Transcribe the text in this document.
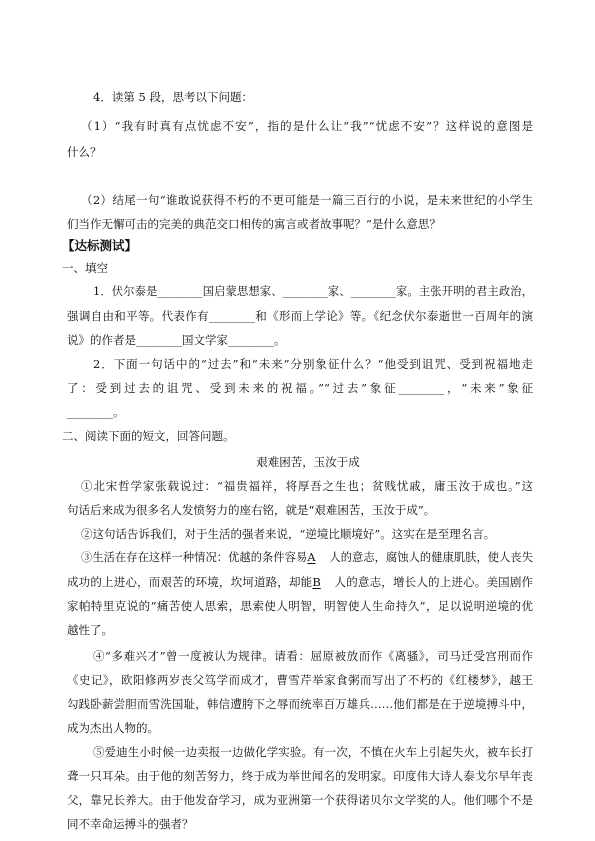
4．读第 5 段，思考以下问题：
（1）“我有时真有点忧虑不安”，指的是什么让“我”“忧虑不安”？这样说的意图是
什么？
（2）结尾一句“谁敢说获得不朽的不更可能是一篇三百行的小说，是未来世纪的小学生
们当作无懈可击的完美的典范交口相传的寓言或者故事呢？”是什么意思？
【达标测试】
一、填空
1．伏尔泰是________国启蒙思想家、________家、________家。主张开明的君主政治，
强调自由和平等。代表作有________和《形而上学论》等。《纪念伏尔泰逝世一百周年的演
说》的作者是________国文学家________。
2．下面一句话中的“过去”和“未来”分别象征什么？“他受到诅咒、受到祝福地走
了：受到过去的诅咒、受到未来的祝福。”“过去”象征________，“未来”象征
________。
二、阅读下面的短文，回答问题。
艰难困苦，玉汝于成
①北宋哲学家张载说过：“福贵福祥，将厚吾之生也；贫贱忧戚，庸玉汝于成也。”这
句话后来成为很多名人发愤努力的座右铭，就是“艰难困苦，玉汝于成”。
②这句话告诉我们，对于生活的强者来说，“逆境比顺境好”。这实在是至理名言。
③生活在存在这样一种情况：优越的条件容易A 人的意志，腐蚀人的健康肌肤，使人丧失
成功的上进心，而艰苦的环境，坎坷道路，却能B 人的意志，增长人的上进心。美国剧作
家帕特里克说的“痛苦使人思索，思索使人明智，明智使人生命持久”，足以说明逆境的优
越性了。
④“多难兴才”曾一度被认为规律。请看：屈原被放而作《离骚》，司马迁受宫刑而作
《史记》，欧阳修两岁丧父笃学而成才，曹雪芹举家食粥而写出了不朽的《红楼梦》，越王
勾践卧薪尝胆而雪洗国耻，韩信遭胯下之辱而统率百万雄兵……他们都是在于逆境搏斗中，
成为杰出人物的。
⑤爱迪生小时候一边卖报一边做化学实验。有一次，不慎在火车上引起失火，被车长打
聋一只耳朵。由于他的刻苦努力，终于成为举世闻名的发明家。印度伟大诗人泰戈尔早年丧
父，靠兄长养大。由于他发奋学习，成为亚洲第一个获得诺贝尔文学奖的人。他们哪个不是
同不幸命运搏斗的强者？
